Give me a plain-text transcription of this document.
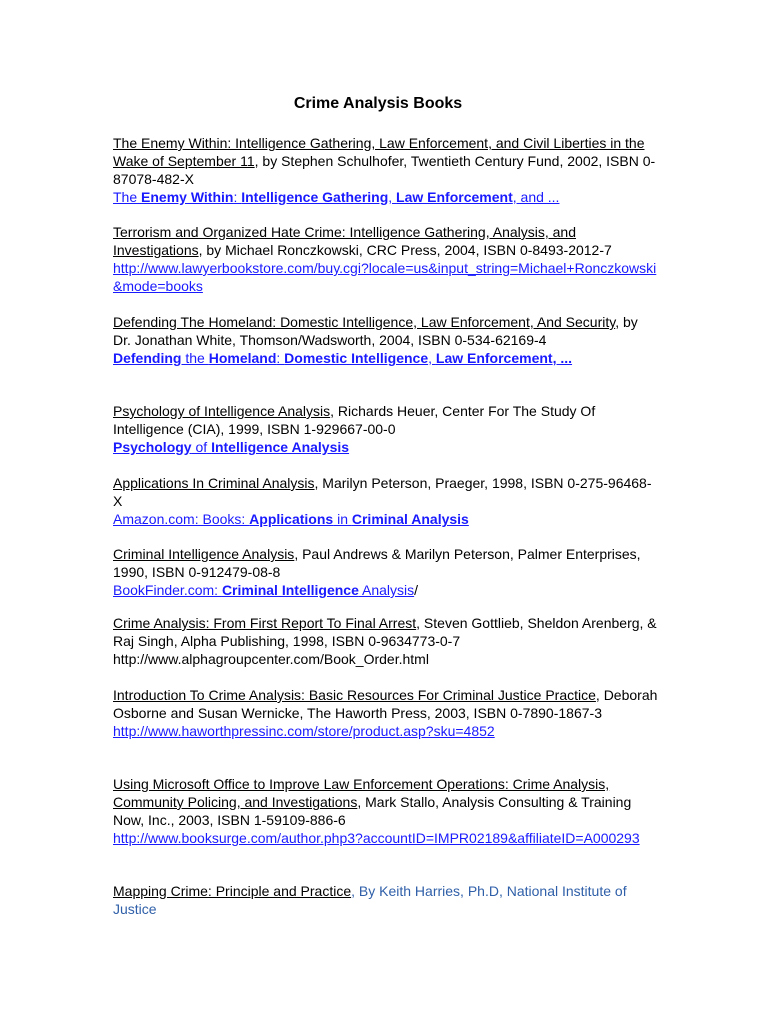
Crime Analysis Books
The Enemy Within: Intelligence Gathering, Law Enforcement, and Civil Liberties in the Wake of September 11, by Stephen Schulhofer, Twentieth Century Fund, 2002, ISBN 0-87078-482-X
The Enemy Within: Intelligence Gathering, Law Enforcement, and ...
Terrorism and Organized Hate Crime: Intelligence Gathering, Analysis, and Investigations, by Michael Ronczkowski, CRC Press, 2004, ISBN 0-8493-2012-7
http://www.lawyerbookstore.com/buy.cgi?locale=us&input_string=Michael+Ronczkowski&mode=books
Defending The Homeland: Domestic Intelligence, Law Enforcement, And Security, by Dr. Jonathan White, Thomson/Wadsworth, 2004, ISBN 0-534-62169-4
Defending the Homeland: Domestic Intelligence, Law Enforcement, ...
Psychology of Intelligence Analysis, Richards Heuer, Center For The Study Of Intelligence (CIA), 1999, ISBN 1-929667-00-0
Psychology of Intelligence Analysis
Applications In Criminal Analysis, Marilyn Peterson, Praeger, 1998, ISBN 0-275-96468-X
Amazon.com: Books: Applications in Criminal Analysis
Criminal Intelligence Analysis, Paul Andrews & Marilyn Peterson, Palmer Enterprises, 1990, ISBN 0-912479-08-8
BookFinder.com: Criminal Intelligence Analysis/
Crime Analysis: From First Report To Final Arrest, Steven Gottlieb, Sheldon Arenberg, & Raj Singh, Alpha Publishing, 1998, ISBN 0-9634773-0-7
http://www.alphagroupcenter.com/Book_Order.html
Introduction To Crime Analysis: Basic Resources For Criminal Justice Practice, Deborah Osborne and Susan Wernicke, The Haworth Press, 2003, ISBN 0-7890-1867-3
http://www.haworthpressinc.com/store/product.asp?sku=4852
Using Microsoft Office to Improve Law Enforcement Operations: Crime Analysis, Community Policing, and Investigations, Mark Stallo, Analysis Consulting & Training Now, Inc., 2003, ISBN 1-59109-886-6
http://www.booksurge.com/author.php3?accountID=IMPR02189&affiliateID=A000293
Mapping Crime: Principle and Practice, By Keith Harries, Ph.D, National Institute of Justice
